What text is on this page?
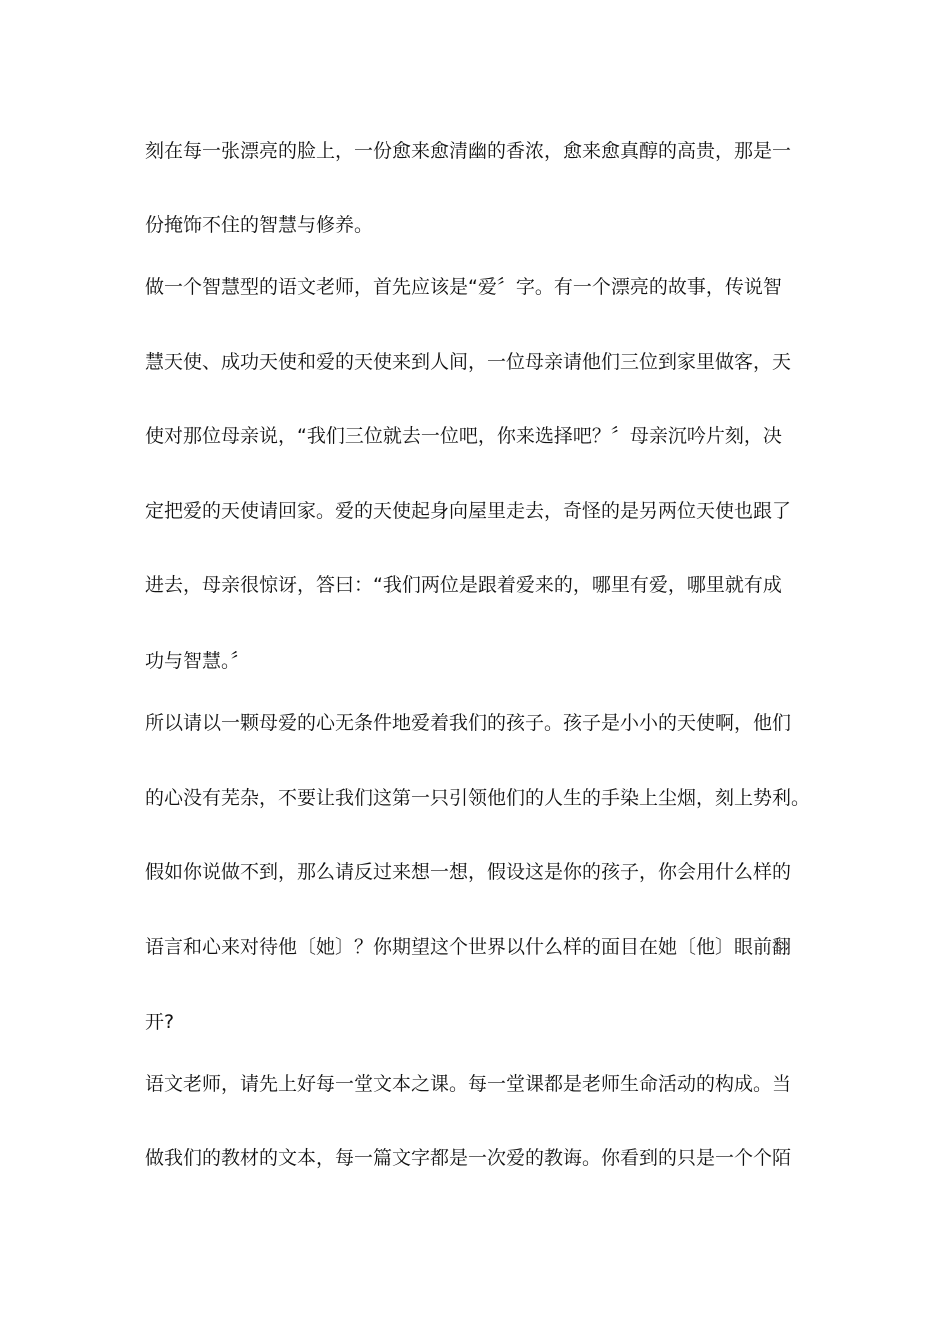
刻在每一张漂亮的脸上，一份愈来愈清幽的香浓，愈来愈真醇的高贵，那是一
份掩饰不住的智慧与修养。
做一个智慧型的语文老师，首先应该是“爱〞字。有一个漂亮的故事，传说智
慧天使、成功天使和爱的天使来到人间，一位母亲请他们三位到家里做客，天
使对那位母亲说，“我们三位就去一位吧，你来选择吧？〞母亲沉吟片刻，决
定把爱的天使请回家。爱的天使起身向屋里走去，奇怪的是另两位天使也跟了
进去，母亲很惊讶，答曰：“我们两位是跟着爱来的，哪里有爱，哪里就有成
功与智慧。〞
所以请以一颗母爱的心无条件地爱着我们的孩子。孩子是小小的天使啊，他们
的心没有芜杂，不要让我们这第一只引领他们的人生的手染上尘烟，刻上势利。
假如你说做不到，那么请反过来想一想，假设这是你的孩子，你会用什么样的
语言和心来对待他〔她〕？你期望这个世界以什么样的面目在她〔他〕眼前翻
开?
语文老师，请先上好每一堂文本之课。每一堂课都是老师生命活动的构成。当
做我们的教材的文本，每一篇文字都是一次爱的教诲。你看到的只是一个个陌
